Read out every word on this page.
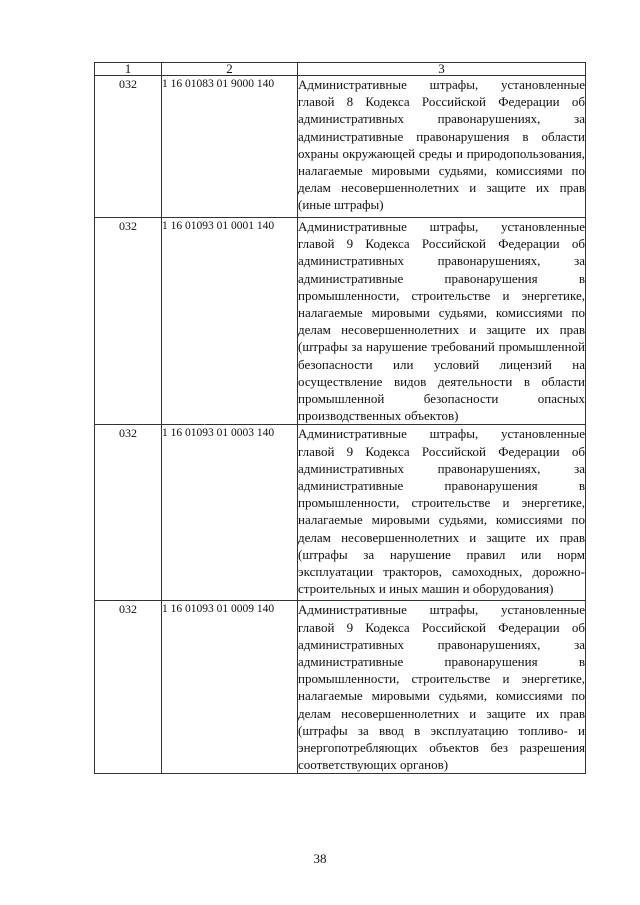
1	2	3
032	1 16 01083 01 9000 140	Административные штрафы, установленные главой 8 Кодекса Российской Федерации об административных правонарушениях, за административные правонарушения в области охраны окружающей среды и природопользования, налагаемые мировыми судьями, комиссиями по делам несовершеннолетних и защите их прав (иные штрафы)
032	1 16 01093 01 0001 140	Административные штрафы, установленные главой 9 Кодекса Российской Федерации об административных правонарушениях, за административные правонарушения в промышленности, строительстве и энергетике, налагаемые мировыми судьями, комиссиями по делам несовершеннолетних и защите их прав (штрафы за нарушение требований промышленной безопасности или условий лицензий на осуществление видов деятельности в области промышленной безопасности опасных производственных объектов)
032	1 16 01093 01 0003 140	Административные штрафы, установленные главой 9 Кодекса Российской Федерации об административных правонарушениях, за административные правонарушения в промышленности, строительстве и энергетике, налагаемые мировыми судьями, комиссиями по делам несовершеннолетних и защите их прав (штрафы за нарушение правил или норм эксплуатации тракторов, самоходных, дорожно-строительных и иных машин и оборудования)
032	1 16 01093 01 0009 140	Административные штрафы, установленные главой 9 Кодекса Российской Федерации об административных правонарушениях, за административные правонарушения в промышленности, строительстве и энергетике, налагаемые мировыми судьями, комиссиями по делам несовершеннолетних и защите их прав (штрафы за ввод в эксплуатацию топливо- и энергопотребляющих объектов без разрешения соответствующих органов)
38
